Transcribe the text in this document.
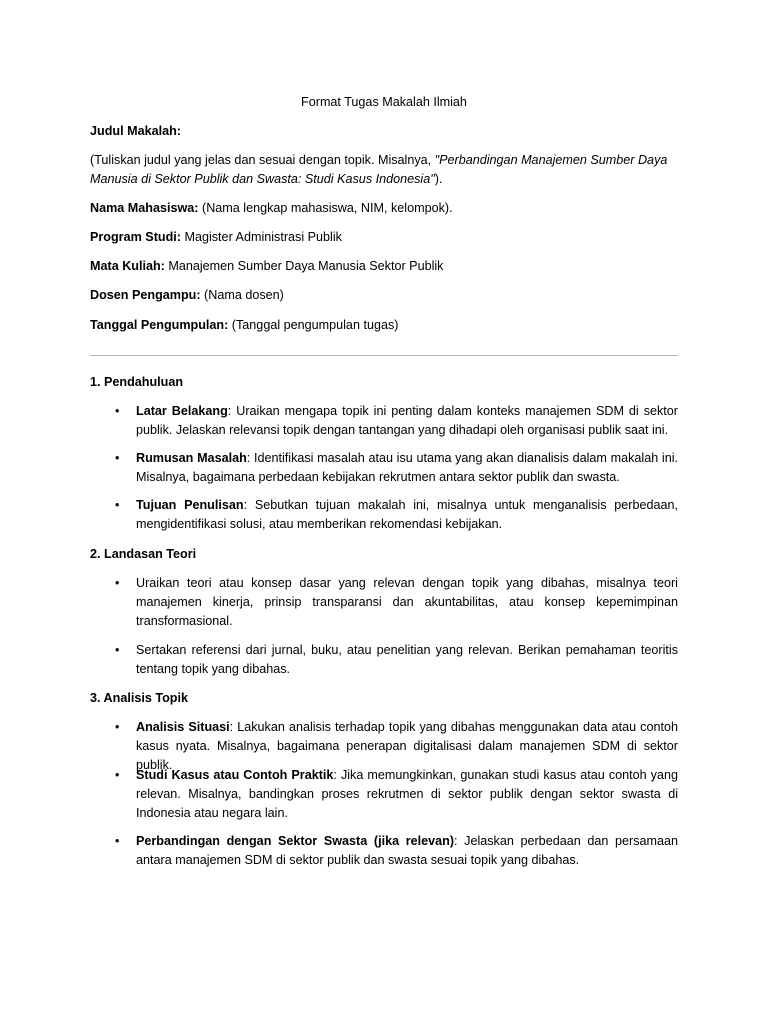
Format Tugas Makalah Ilmiah
Judul Makalah:
(Tuliskan judul yang jelas dan sesuai dengan topik. Misalnya, "Perbandingan Manajemen Sumber Daya Manusia di Sektor Publik dan Swasta: Studi Kasus Indonesia").
Nama Mahasiswa: (Nama lengkap mahasiswa, NIM, kelompok).
Program Studi: Magister Administrasi Publik
Mata Kuliah: Manajemen Sumber Daya Manusia Sektor Publik
Dosen Pengampu: (Nama dosen)
Tanggal Pengumpulan: (Tanggal pengumpulan tugas)
1. Pendahuluan
•	Latar Belakang: Uraikan mengapa topik ini penting dalam konteks manajemen SDM di sektor publik. Jelaskan relevansi topik dengan tantangan yang dihadapi oleh organisasi publik saat ini.
•	Rumusan Masalah: Identifikasi masalah atau isu utama yang akan dianalisis dalam makalah ini. Misalnya, bagaimana perbedaan kebijakan rekrutmen antara sektor publik dan swasta.
•	Tujuan Penulisan: Sebutkan tujuan makalah ini, misalnya untuk menganalisis perbedaan, mengidentifikasi solusi, atau memberikan rekomendasi kebijakan.
2. Landasan Teori
•	Uraikan teori atau konsep dasar yang relevan dengan topik yang dibahas, misalnya teori manajemen kinerja, prinsip transparansi dan akuntabilitas, atau konsep kepemimpinan transformasional.
•	Sertakan referensi dari jurnal, buku, atau penelitian yang relevan. Berikan pemahaman teoritis tentang topik yang dibahas.
3. Analisis Topik
•	Analisis Situasi: Lakukan analisis terhadap topik yang dibahas menggunakan data atau contoh kasus nyata. Misalnya, bagaimana penerapan digitalisasi dalam manajemen SDM di sektor publik.
•	Studi Kasus atau Contoh Praktik: Jika memungkinkan, gunakan studi kasus atau contoh yang relevan. Misalnya, bandingkan proses rekrutmen di sektor publik dengan sektor swasta di Indonesia atau negara lain.
•	Perbandingan dengan Sektor Swasta (jika relevan): Jelaskan perbedaan dan persamaan antara manajemen SDM di sektor publik dan swasta sesuai topik yang dibahas.
